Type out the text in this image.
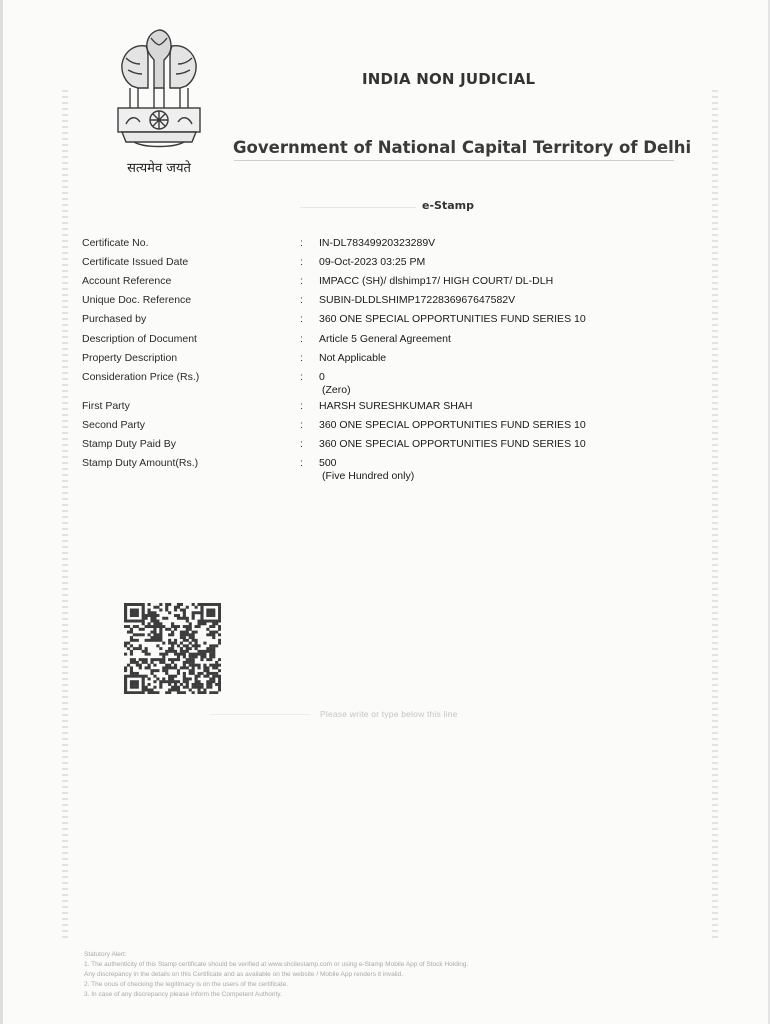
सत्यमेव जयते
INDIA NON JUDICIAL
Government of National Capital Territory of Delhi
e-Stamp
Certificate No.	: IN-DL78349920323289V
Certificate Issued Date	: 09-Oct-2023 03:25 PM
Account Reference	: IMPACC (SH)/ dlshimp17/ HIGH COURT/ DL-DLH
Unique Doc. Reference	: SUBIN-DLDLSHIMP1722836967647582V
Purchased by	: 360 ONE SPECIAL OPPORTUNITIES FUND SERIES 10
Description of Document	: Article 5 General Agreement
Property Description	: Not Applicable
Consideration Price (Rs.)	: 0
(Zero)
First Party	: HARSH SURESHKUMAR SHAH
Second Party	: 360 ONE SPECIAL OPPORTUNITIES FUND SERIES 10
Stamp Duty Paid By	: 360 ONE SPECIAL OPPORTUNITIES FUND SERIES 10
Stamp Duty Amount(Rs.)	: 500
(Five Hundred only)
Please write or type below this line
Statutory Alert:
1. The authenticity of this Stamp certificate should be verified at www.shcilestamp.com or using e-Stamp Mobile App of Stock Holding.
Any discrepancy in the details on this Certificate and as available on the website / Mobile App renders it invalid.
2. The onus of checking the legitimacy is on the users of the certificate.
3. In case of any discrepancy please inform the Competent Authority.
